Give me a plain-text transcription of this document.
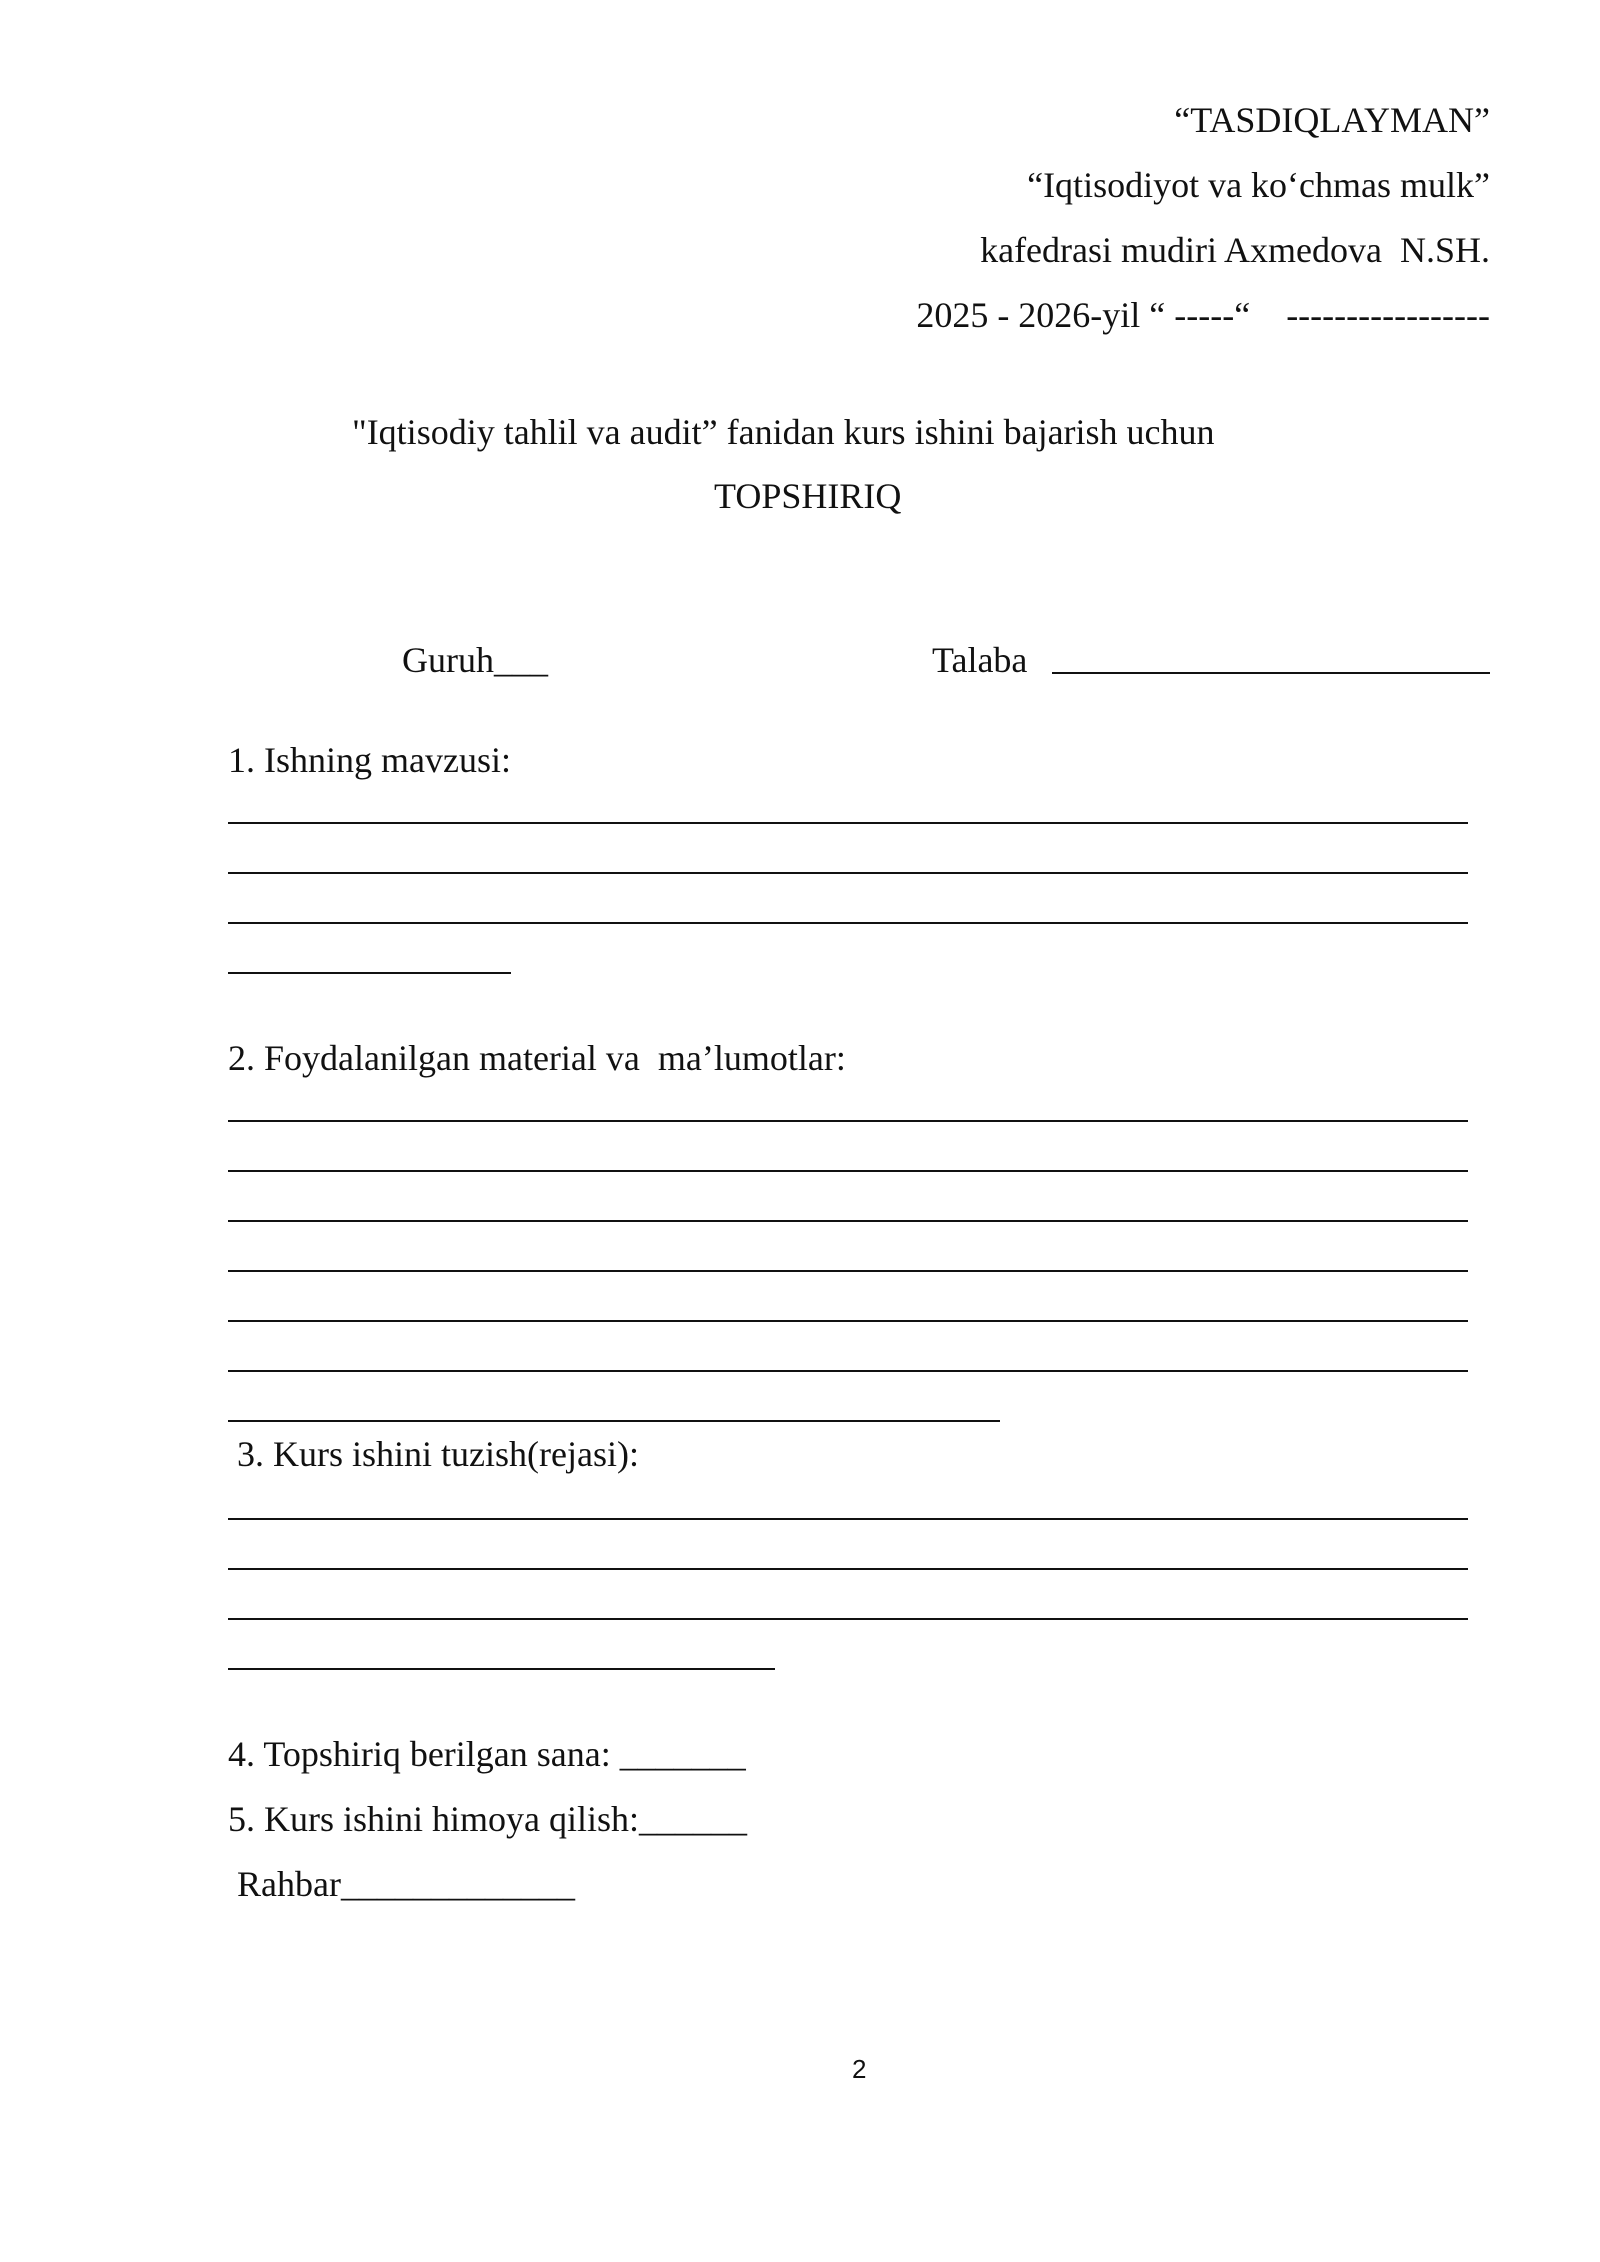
“TASDIQLAYMAN”
“Iqtisodiyot va ko‘chmas mulk”
kafedrasi mudiri Axmedova  N.SH.
2025 - 2026-yil “ -----“    -----------------
"Iqtisodiy tahlil va audit” fanidan kurs ishini bajarish uchun
TOPSHIRIQ
Guruh___	Talaba
1. Ishning mavzusi:
2. Foydalanilgan material va  ma’lumotlar:
3. Kurs ishini tuzish(rejasi):
4. Topshiriq berilgan sana: _______
5. Kurs ishini himoya qilish:______
Rahbar_____________
2
